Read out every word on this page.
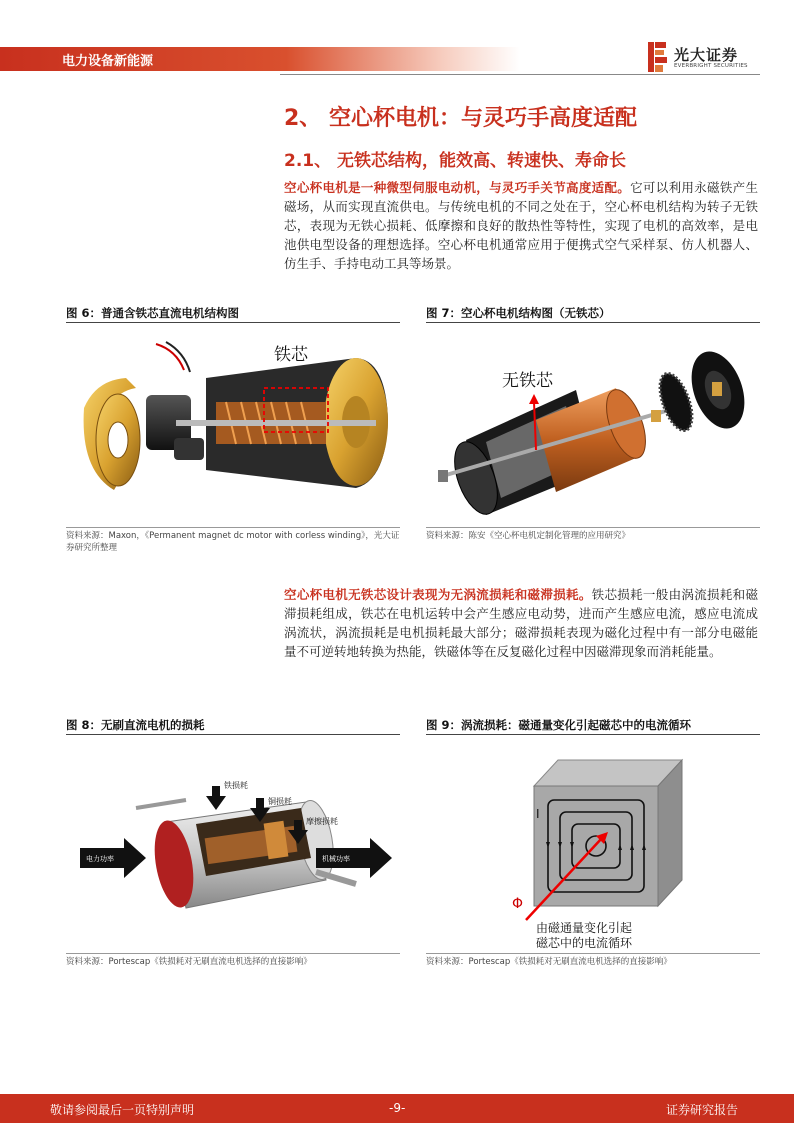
电力设备新能源	光大证券
EVERBRIGHT SECURITIES
2、 空心杯电机：与灵巧手高度适配
2.1、 无铁芯结构，能效高、转速快、寿命长
空心杯电机是一种微型伺服电动机，与灵巧手关节高度适配。它可以利用永磁铁产生磁场，从而实现直流供电。与传统电机的不同之处在于，空心杯电机结构为转子无铁芯，表现为无铁心损耗、低摩擦和良好的散热性等特性，实现了电机的高效率，是电池供电型设备的理想选择。空心杯电机通常应用于便携式空气采样泵、仿人机器人、仿生手、手持电动工具等场景。
图 6：普通含铁芯直流电机结构图
铁芯
资料来源：Maxon，《Permanent magnet dc motor with corless winding》，光大证券研究所整理
图 7：空心杯电机结构图（无铁芯）
无铁芯
资料来源：陈安《空心杯电机定制化管理的应用研究》
空心杯电机无铁芯设计表现为无涡流损耗和磁滞损耗。铁芯损耗一般由涡流损耗和磁滞损耗组成，铁芯在电机运转中会产生感应电动势，进而产生感应电流，感应电流成涡流状，涡流损耗是电机损耗最大部分；磁滞损耗表现为磁化过程中有一部分电磁能量不可逆转地转换为热能，铁磁体等在反复磁化过程中因磁滞现象而消耗能量。
图 8：无刷直流电机的损耗
电力功率	机械功率
铁损耗
铜损耗
摩擦损耗
资料来源：Portescap《铁损耗对无刷直流电机选择的直接影响》
图 9：涡流损耗：磁通量变化引起磁芯中的电流循环
I
Φ
由磁通量变化引起
磁芯中的电流循环
资料来源：Portescap《铁损耗对无刷直流电机选择的直接影响》
敬请参阅最后一页特别声明	-9-	证券研究报告
